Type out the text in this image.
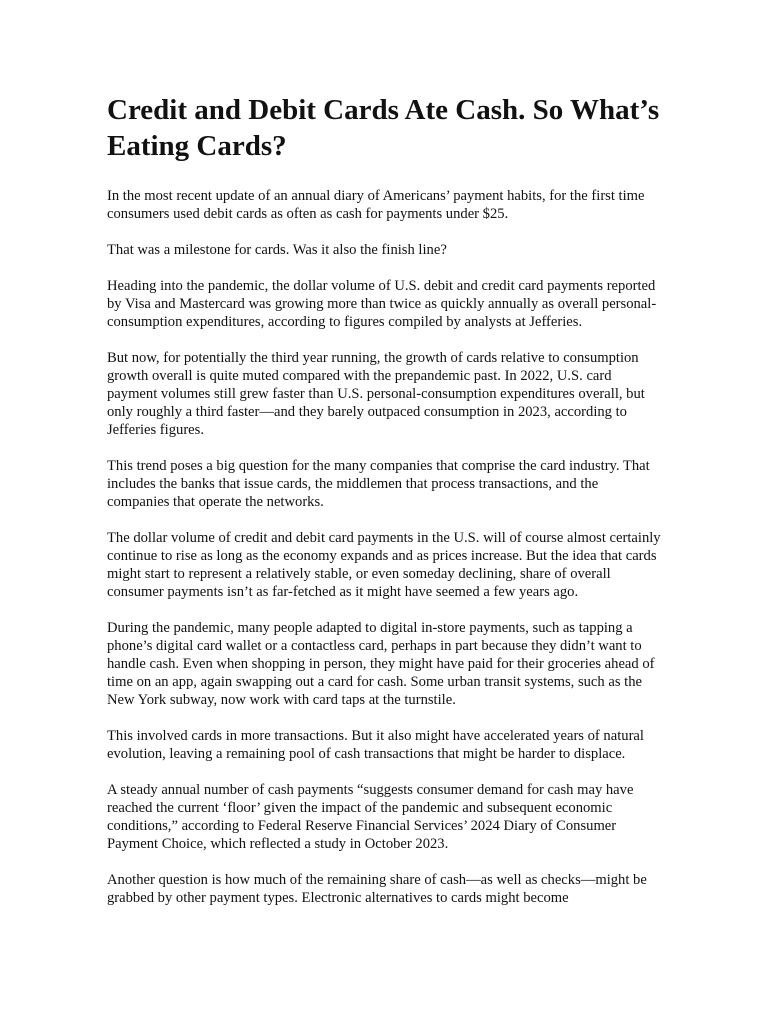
Credit and Debit Cards Ate Cash. So What’s Eating Cards?

In the most recent update of an annual diary of Americans’ payment habits, for the first time consumers used debit cards as often as cash for payments under $25.

That was a milestone for cards. Was it also the finish line?

Heading into the pandemic, the dollar volume of U.S. debit and credit card payments reported by Visa and Mastercard was growing more than twice as quickly annually as overall personal-consumption expenditures, according to figures compiled by analysts at Jefferies.

But now, for potentially the third year running, the growth of cards relative to consumption growth overall is quite muted compared with the prepandemic past. In 2022, U.S. card payment volumes still grew faster than U.S. personal-consumption expenditures overall, but only roughly a third faster—and they barely outpaced consumption in 2023, according to Jefferies figures.

This trend poses a big question for the many companies that comprise the card industry. That includes the banks that issue cards, the middlemen that process transactions, and the companies that operate the networks.

The dollar volume of credit and debit card payments in the U.S. will of course almost certainly continue to rise as long as the economy expands and as prices increase. But the idea that cards might start to represent a relatively stable, or even someday declining, share of overall consumer payments isn’t as far-fetched as it might have seemed a few years ago.

During the pandemic, many people adapted to digital in-store payments, such as tapping a phone’s digital card wallet or a contactless card, perhaps in part because they didn’t want to handle cash. Even when shopping in person, they might have paid for their groceries ahead of time on an app, again swapping out a card for cash. Some urban transit systems, such as the New York subway, now work with card taps at the turnstile.

This involved cards in more transactions. But it also might have accelerated years of natural evolution, leaving a remaining pool of cash transactions that might be harder to displace.

A steady annual number of cash payments “suggests consumer demand for cash may have reached the current ‘floor’ given the impact of the pandemic and subsequent economic conditions,” according to Federal Reserve Financial Services’ 2024 Diary of Consumer Payment Choice, which reflected a study in October 2023.

Another question is how much of the remaining share of cash—as well as checks—might be grabbed by other payment types. Electronic alternatives to cards might become
